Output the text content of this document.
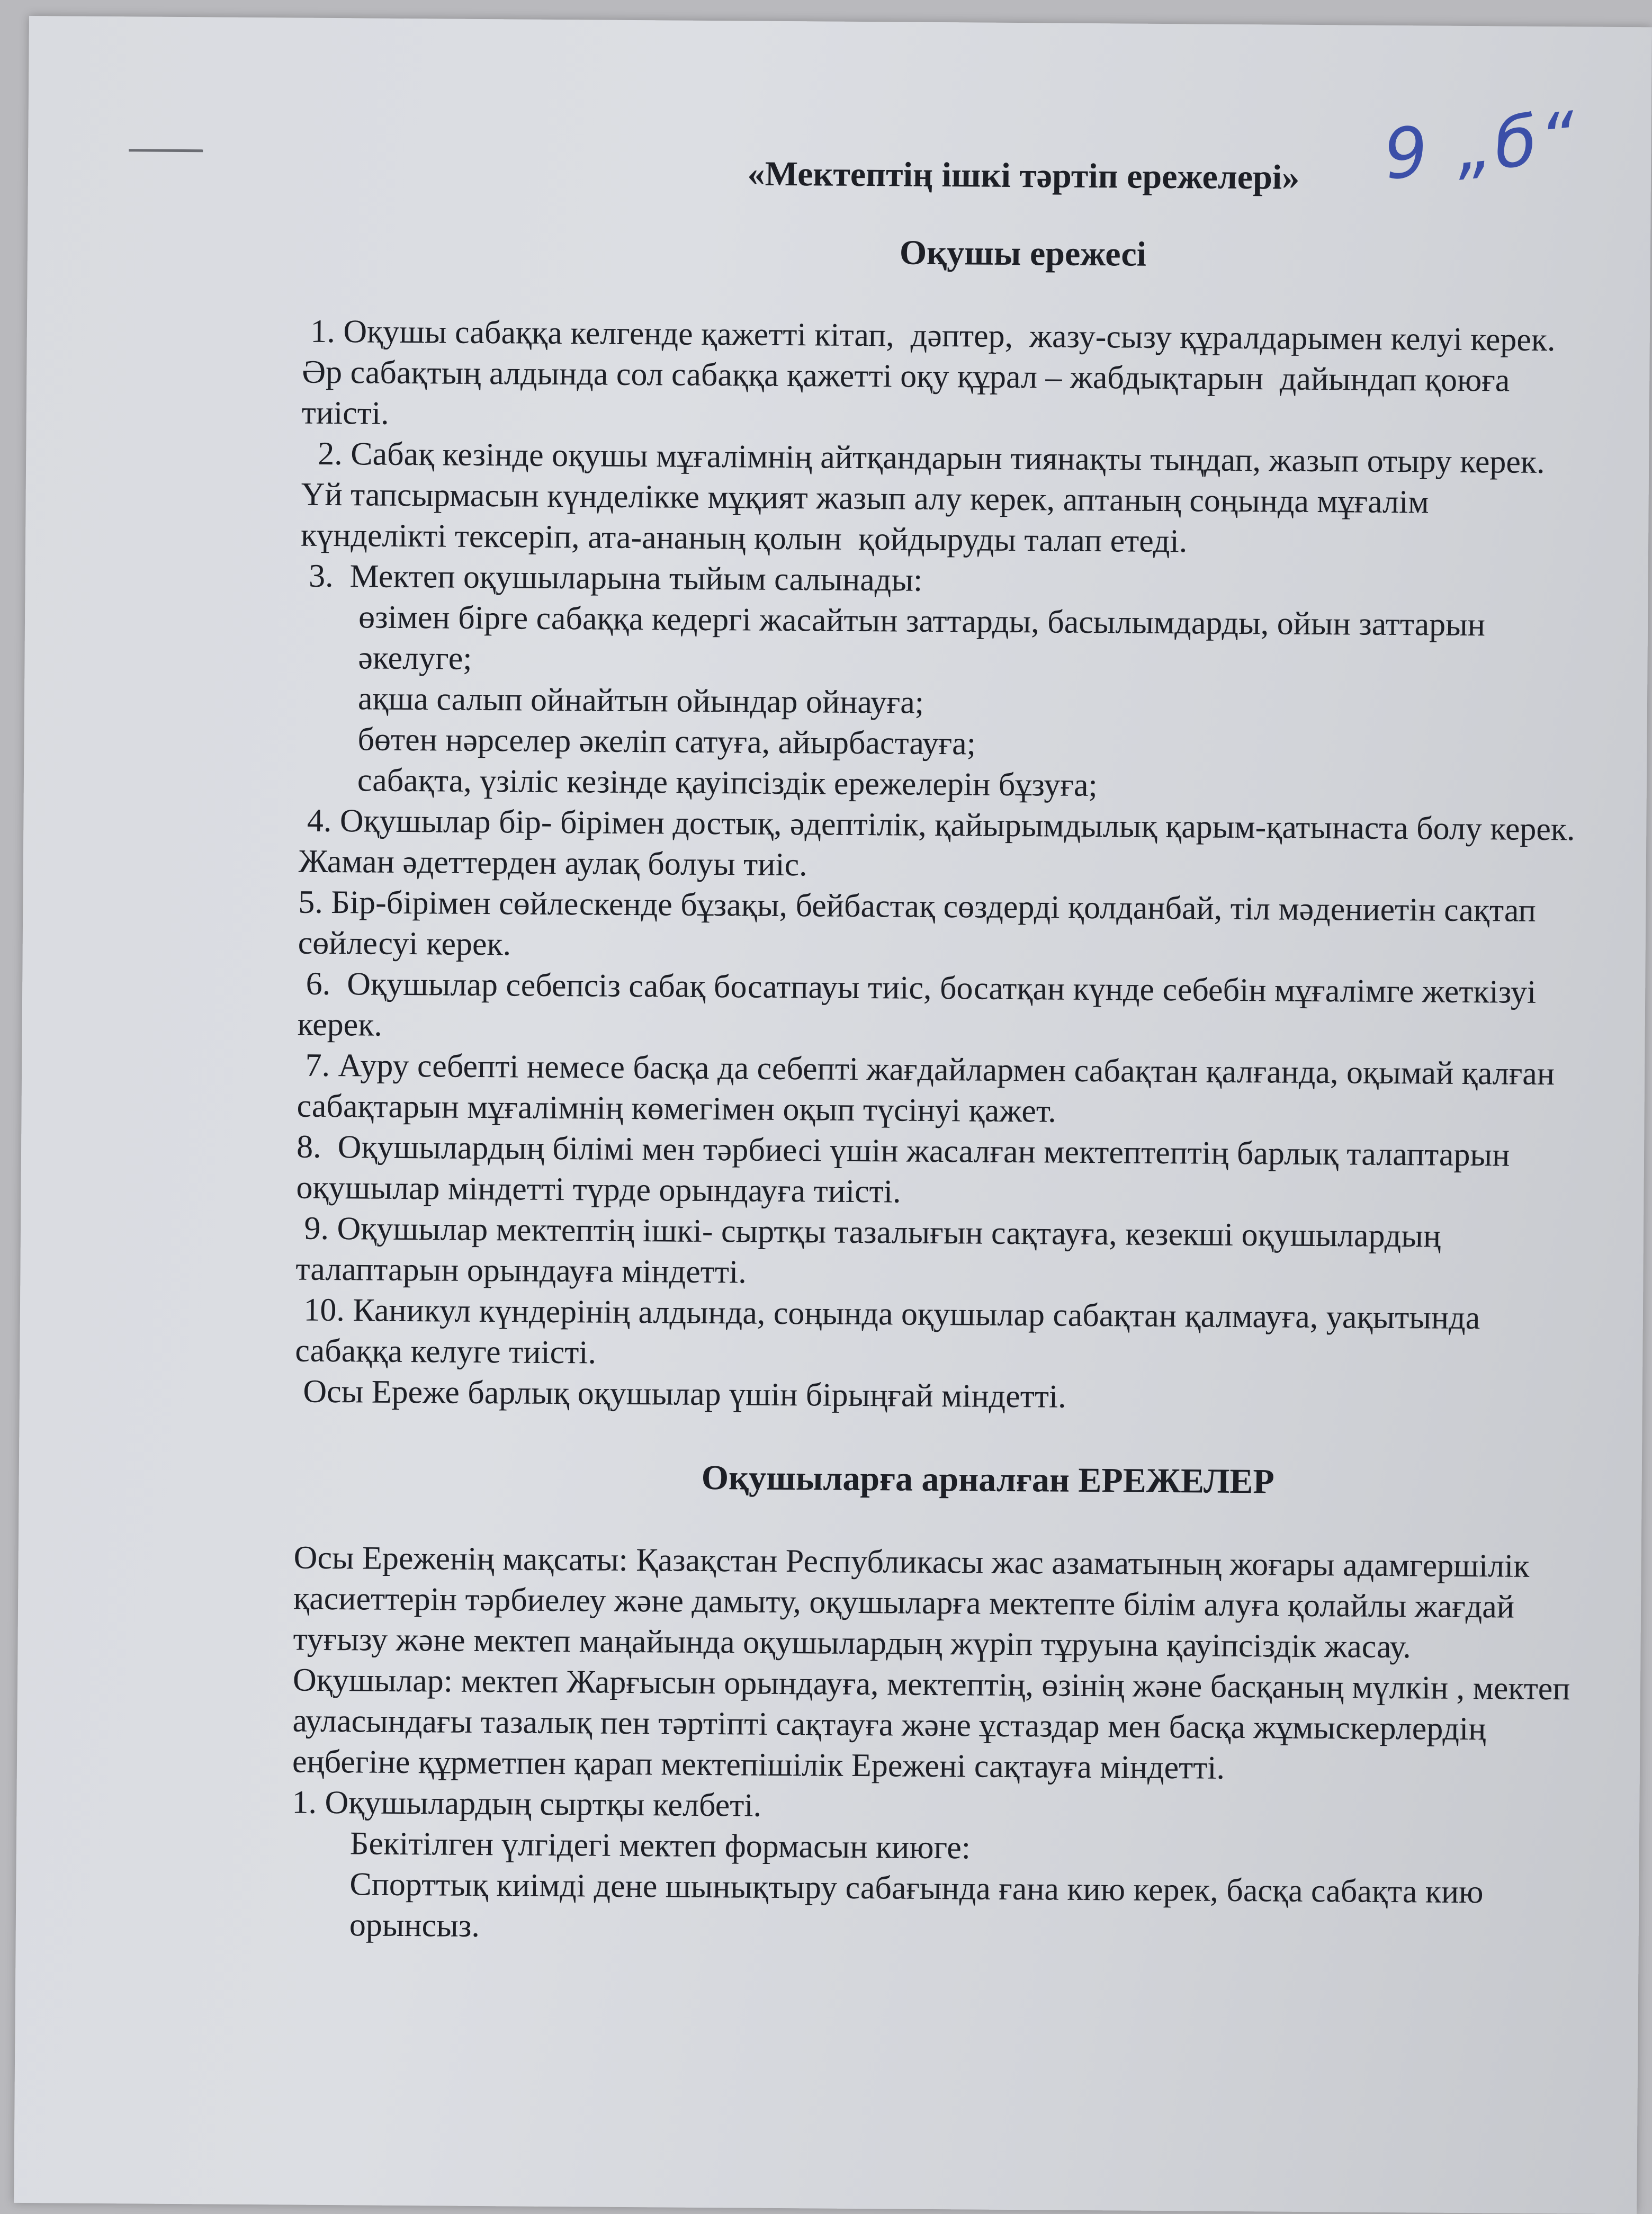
9 „б“
«Мектептің ішкі тәртіп ережелері»
Оқушы ережесі

1. Оқушы сабаққа келгенде қажетті кітап,  дәптер,  жазу-сызу құралдарымен келуі керек. Әр сабақтың алдында сол сабаққа қажетті оқу құрал – жабдықтарын  дайындап қоюға тиісті.

2. Сабақ кезінде оқушы мұғалімнің айтқандарын тиянақты тыңдап, жазып отыру керек. Үй тапсырмасын күнделікке мұқият жазып алу керек, аптаның соңында мұғалім күнделікті тексеріп, ата-ананың қолын  қойдыруды талап етеді.

3.  Мектеп оқушыларына тыйым салынады:

өзімен бірге сабаққа кедергі жасайтын заттарды, басылымдарды, ойын заттарын әкелуге;

ақша салып ойнайтын ойындар ойнауға;

бөтен нәрселер әкеліп сатуға, айырбастауға;

сабақта, үзіліс кезінде қауіпсіздік ережелерін бұзуға;

4. Оқушылар бір- бірімен достық, әдептілік, қайырымдылық қарым-қатынаста болу керек. Жаман әдеттерден аулақ болуы тиіс.

5. Бір-бірімен сөйлескенде бұзақы, бейбастақ сөздерді қолданбай, тіл мәдениетін сақтап сөйлесуі керек.

6.  Оқушылар себепсіз сабақ босатпауы тиіс, босатқан күнде себебін мұғалімге жеткізуі керек.

7. Ауру себепті немесе басқа да себепті жағдайлармен сабақтан қалғанда, оқымай қалған сабақтарын мұғалімнің көмегімен оқып түсінуі қажет.

8.  Оқушылардың білімі мен тәрбиесі үшін жасалған мектептептің барлық талаптарын оқушылар міндетті түрде орындауға тиісті.

9. Оқушылар мектептің ішкі- сыртқы тазалығын сақтауға, кезекші оқушылардың талаптарын орындауға міндетті.

10. Каникул күндерінің алдында, соңында оқушылар сабақтан қалмауға, уақытында сабаққа келуге тиісті.

Осы Ереже барлық оқушылар үшін бірыңғай міндетті.

Оқушыларға арналған ЕРЕЖЕЛЕР

Осы Ереженің мақсаты: Қазақстан Республикасы жас азаматының жоғары адамгершілік қасиеттерін тәрбиелеу және дамыту, оқушыларға мектепте білім алуға қолайлы жағдай туғызу және мектеп маңайында оқушылардың жүріп тұруына қауіпсіздік жасау.

Оқушылар: мектеп Жарғысын орындауға, мектептің, өзінің және басқаның мүлкін , мектеп ауласындағы тазалық пен тәртіпті сақтауға және ұстаздар мен басқа жұмыскерлердің еңбегіне құрметпен қарап мектепішілік Ережені сақтауға міндетті.

1. Оқушылардың сыртқы келбеті.

Бекітілген үлгідегі мектеп формасын киюге:

Спорттық киімді дене шынықтыру сабағында ғана кию керек, басқа сабақта кию орынсыз.
